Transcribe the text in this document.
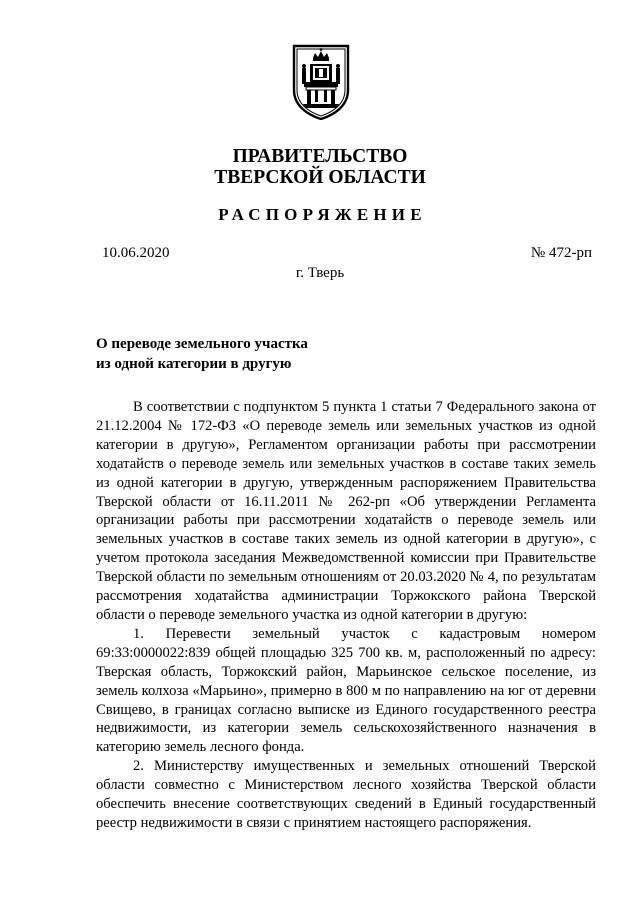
ПРАВИТЕЛЬСТВО
ТВЕРСКОЙ ОБЛАСТИ
РАСПОРЯЖЕНИЕ
10.06.2020	№ 472-рп
г. Тверь
О переводе земельного участка
из одной категории в другую

В соответствии с подпунктом 5 пункта 1 статьи 7 Федерального закона от 21.12.2004 № 172-ФЗ «О переводе земель или земельных участков из одной категории в другую», Регламентом организации работы при рассмотрении ходатайств о переводе земель или земельных участков в составе таких земель из одной категории в другую, утвержденным распоряжением Правительства Тверской области от 16.11.2011 № 262-рп «Об утверждении Регламента организации работы при рассмотрении ходатайств о переводе земель или земельных участков в составе таких земель из одной категории в другую», с учетом протокола заседания Межведомственной комиссии при Правительстве Тверской области по земельным отношениям от 20.03.2020 № 4, по результатам рассмотрения ходатайства администрации Торжокского района Тверской области о переводе земельного участка из одной категории в другую:

1. Перевести земельный участок с кадастровым номером 69:33:0000022:839 общей площадью 325 700 кв. м, расположенный по адресу: Тверская область, Торжокский район, Марьинское сельское поселение, из земель колхоза «Марьино», примерно в 800 м по направлению на юг от деревни Свищево, в границах согласно выписке из Единого государственного реестра недвижимости, из категории земель сельскохозяйственного назначения в категорию земель лесного фонда.

2. Министерству имущественных и земельных отношений Тверской области совместно с Министерством лесного хозяйства Тверской области обеспечить внесение соответствующих сведений в Единый государственный реестр недвижимости в связи с принятием настоящего распоряжения.
